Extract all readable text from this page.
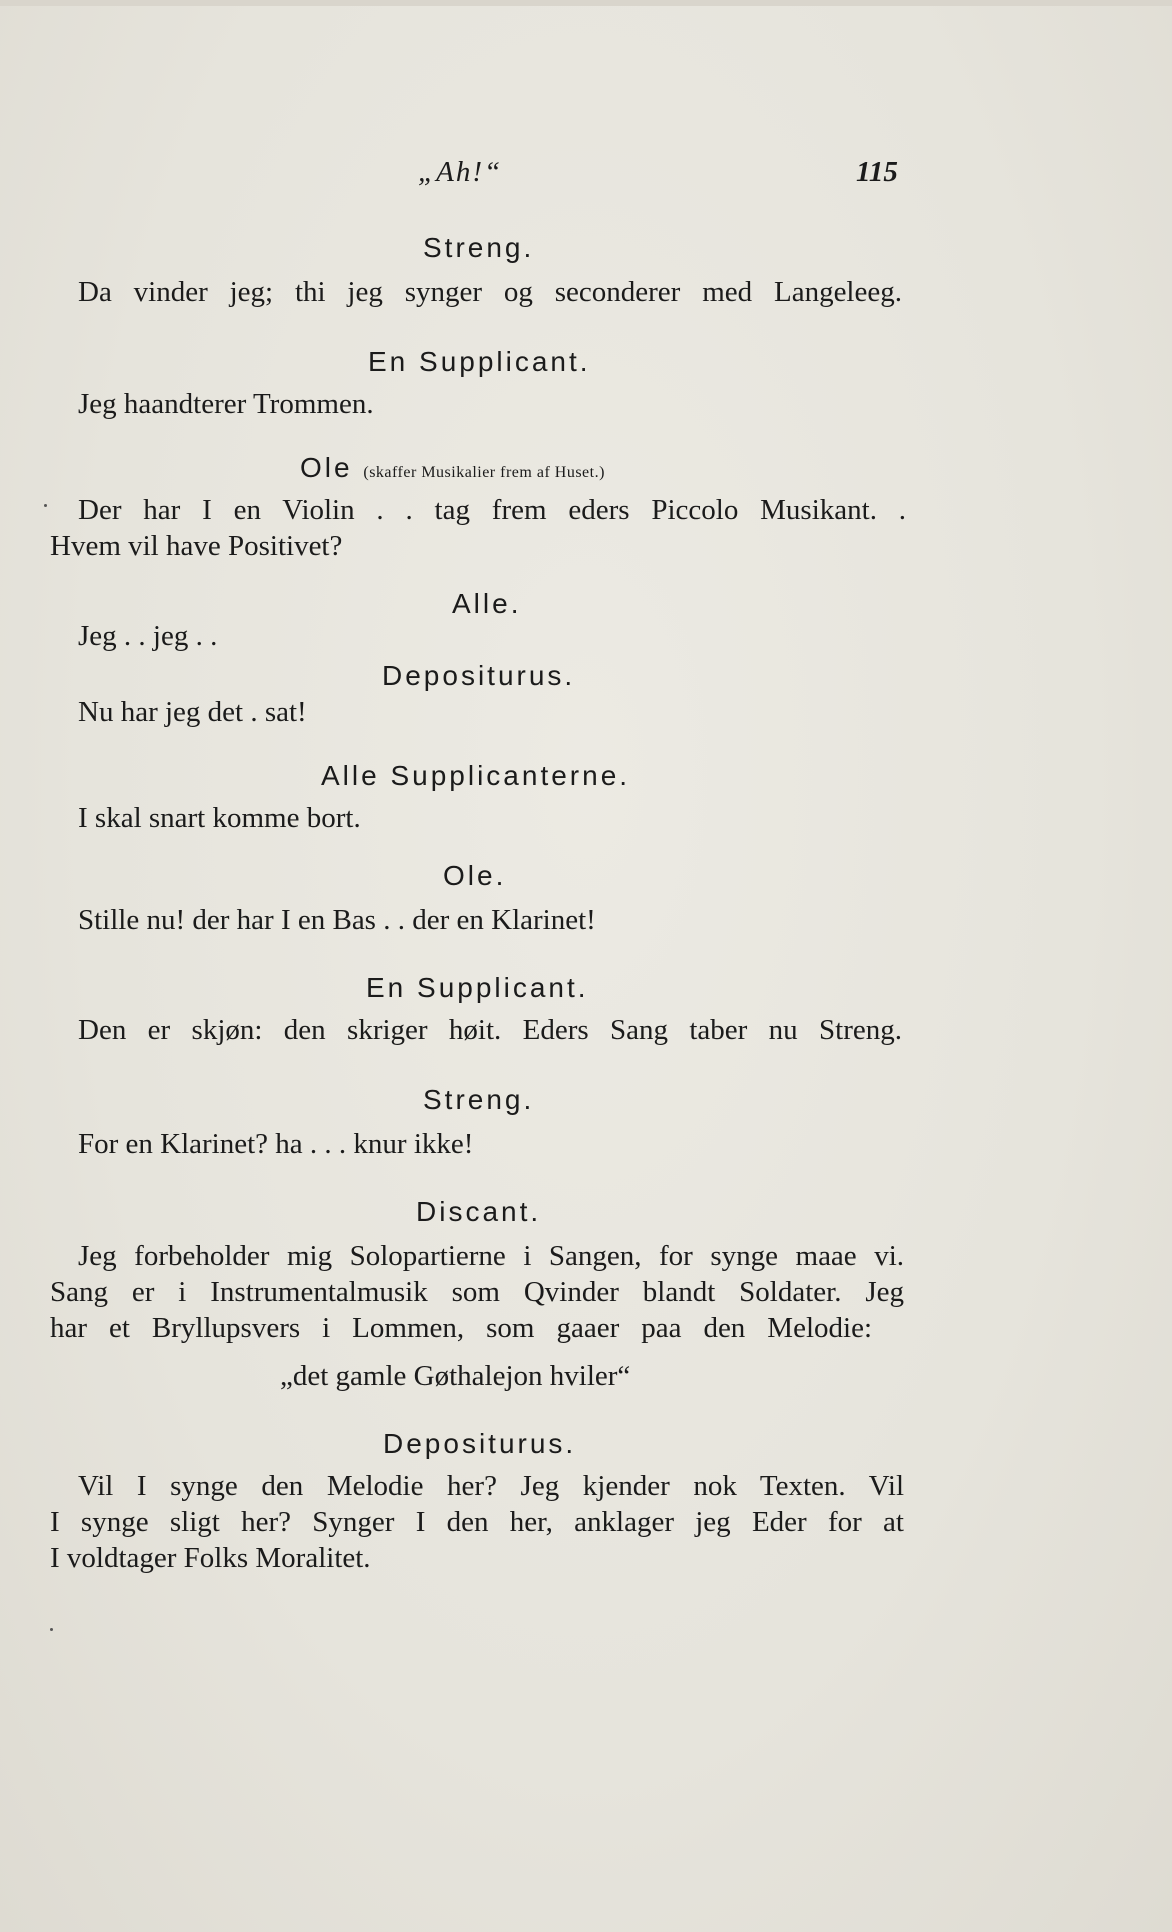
„Ah!“	115
Streng.
Da vinder jeg; thi jeg synger og seconderer med Langeleeg.
En Supplicant.
Jeg haandterer Trommen.
Ole (skaffer Musikalier frem af Huset.)
Der har I en Violin . . tag frem eders Piccolo Musikant. .
Hvem vil have Positivet?
Alle.
Jeg . . jeg . .
Depositurus.
Nu har jeg det . sat!
Alle Supplicanterne.
I skal snart komme bort.
Ole.
Stille nu! der har I en Bas . . der en Klarinet!
En Supplicant.
Den er skjøn: den skriger høit. Eders Sang taber nu Streng.
Streng.
For en Klarinet? ha . . . knur ikke!
Discant.
Jeg forbeholder mig Solopartierne i Sangen, for synge maae vi.
Sang er i Instrumentalmusik som Qvinder blandt Soldater. Jeg
har et Bryllupsvers i Lommen, som gaaer paa den Melodie:
„det gamle Gøthalejon hviler“
Depositurus.
Vil I synge den Melodie her? Jeg kjender nok Texten. Vil
I synge sligt her? Synger I den her, anklager jeg Eder for at
I voldtager Folks Moralitet.
